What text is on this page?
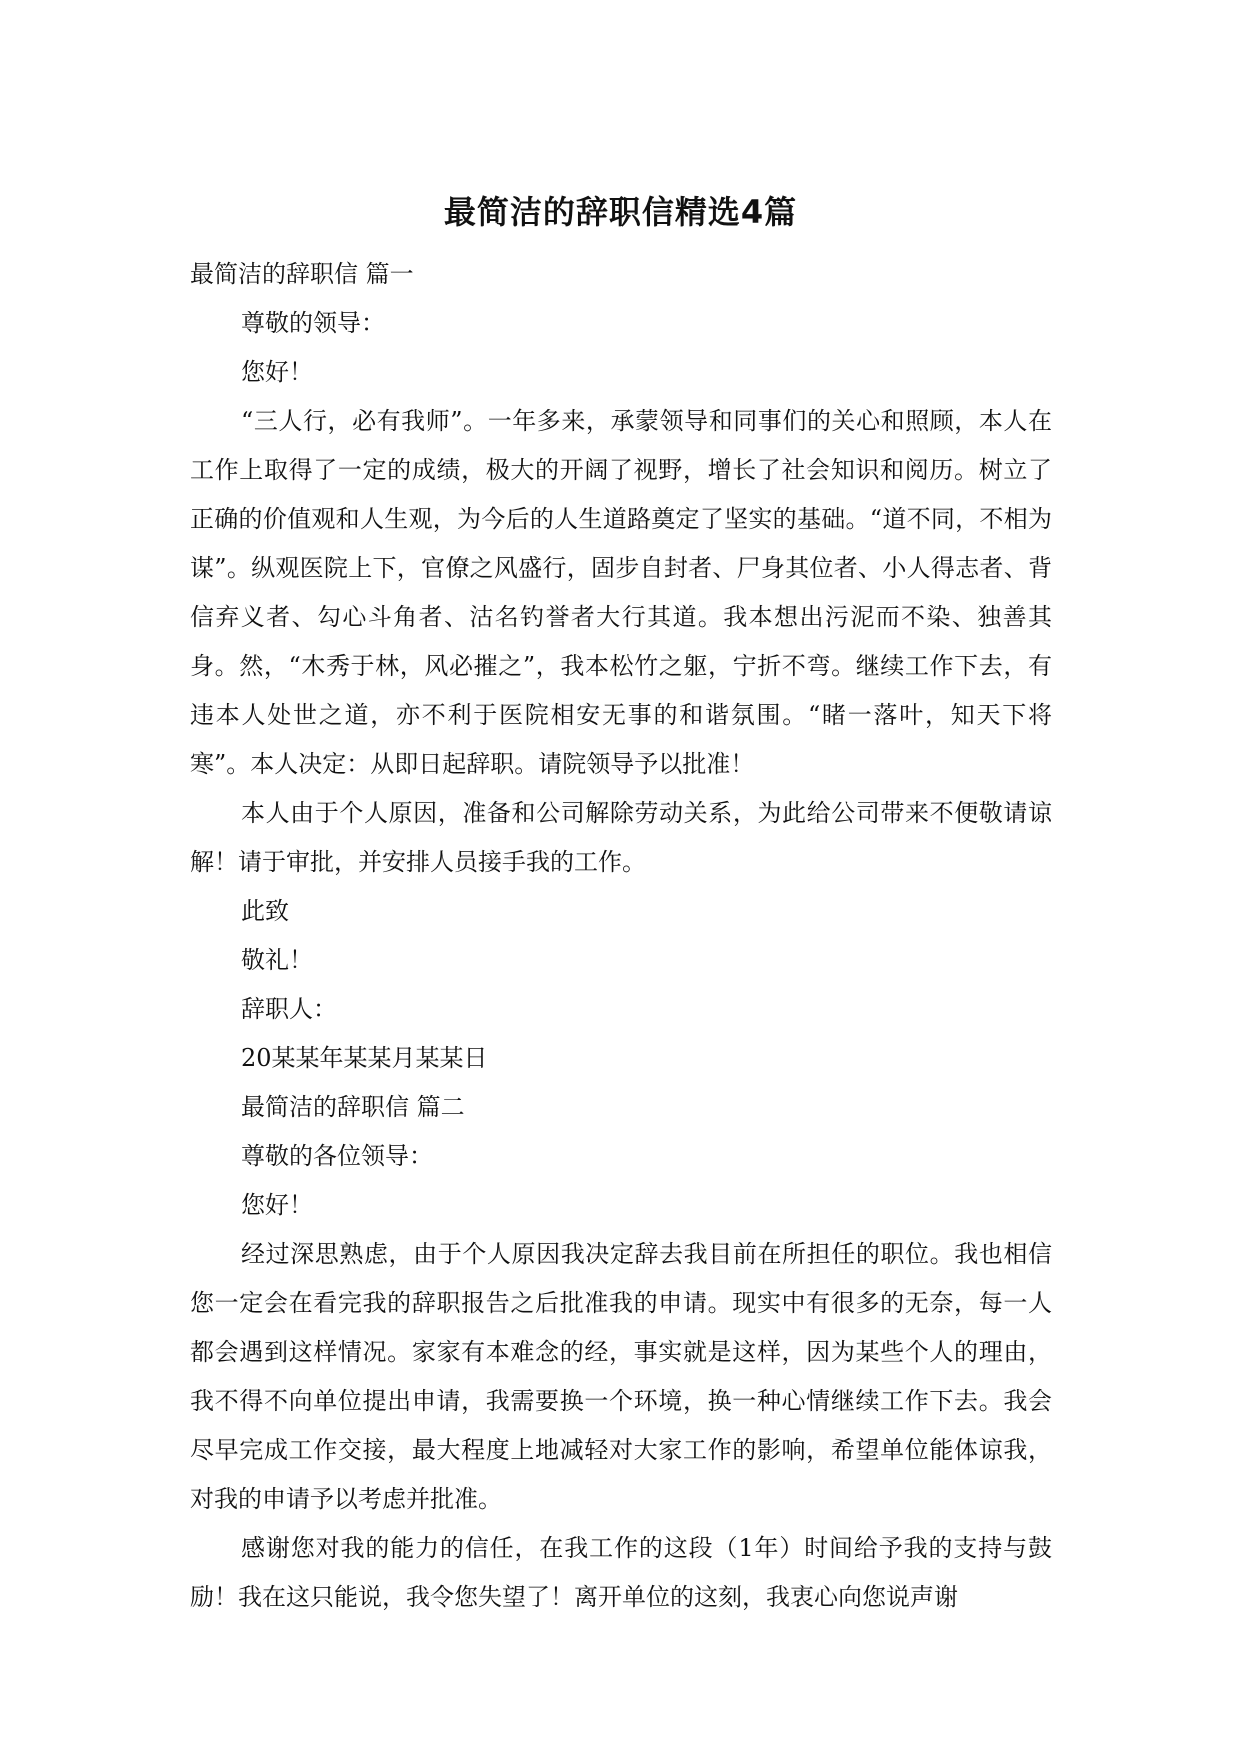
最简洁的辞职信精选4篇

最简洁的辞职信 篇一

尊敬的领导：

您好！

“三人行，必有我师”。一年多来，承蒙领导和同事们的关心和照顾，本人在工作上取得了一定的成绩，极大的开阔了视野，增长了社会知识和阅历。树立了正确的价值观和人生观，为今后的人生道路奠定了坚实的基础。“道不同，不相为谋”。纵观医院上下，官僚之风盛行，固步自封者、尸身其位者、小人得志者、背信弃义者、勾心斗角者、沽名钓誉者大行其道。我本想出污泥而不染、独善其身。然，“木秀于林，风必摧之”，我本松竹之躯，宁折不弯。继续工作下去，有违本人处世之道，亦不利于医院相安无事的和谐氛围。“睹一落叶，知天下将寒”。本人决定：从即日起辞职。请院领导予以批准！

本人由于个人原因，准备和公司解除劳动关系，为此给公司带来不便敬请谅解！请于审批，并安排人员接手我的工作。

此致

敬礼！

辞职人：

20某某年某某月某某日

最简洁的辞职信 篇二

尊敬的各位领导：

您好！

经过深思熟虑，由于个人原因我决定辞去我目前在所担任的职位。我也相信您一定会在看完我的辞职报告之后批准我的申请。现实中有很多的无奈，每一人都会遇到这样情况。家家有本难念的经，事实就是这样，因为某些个人的理由，我不得不向单位提出申请，我需要换一个环境，换一种心情继续工作下去。我会尽早完成工作交接，最大程度上地减轻对大家工作的影响，希望单位能体谅我，对我的申请予以考虑并批准。

感谢您对我的能力的信任，在我工作的这段（1年）时间给予我的支持与鼓励！我在这只能说，我令您失望了！离开单位的这刻，我衷心向您说声谢
